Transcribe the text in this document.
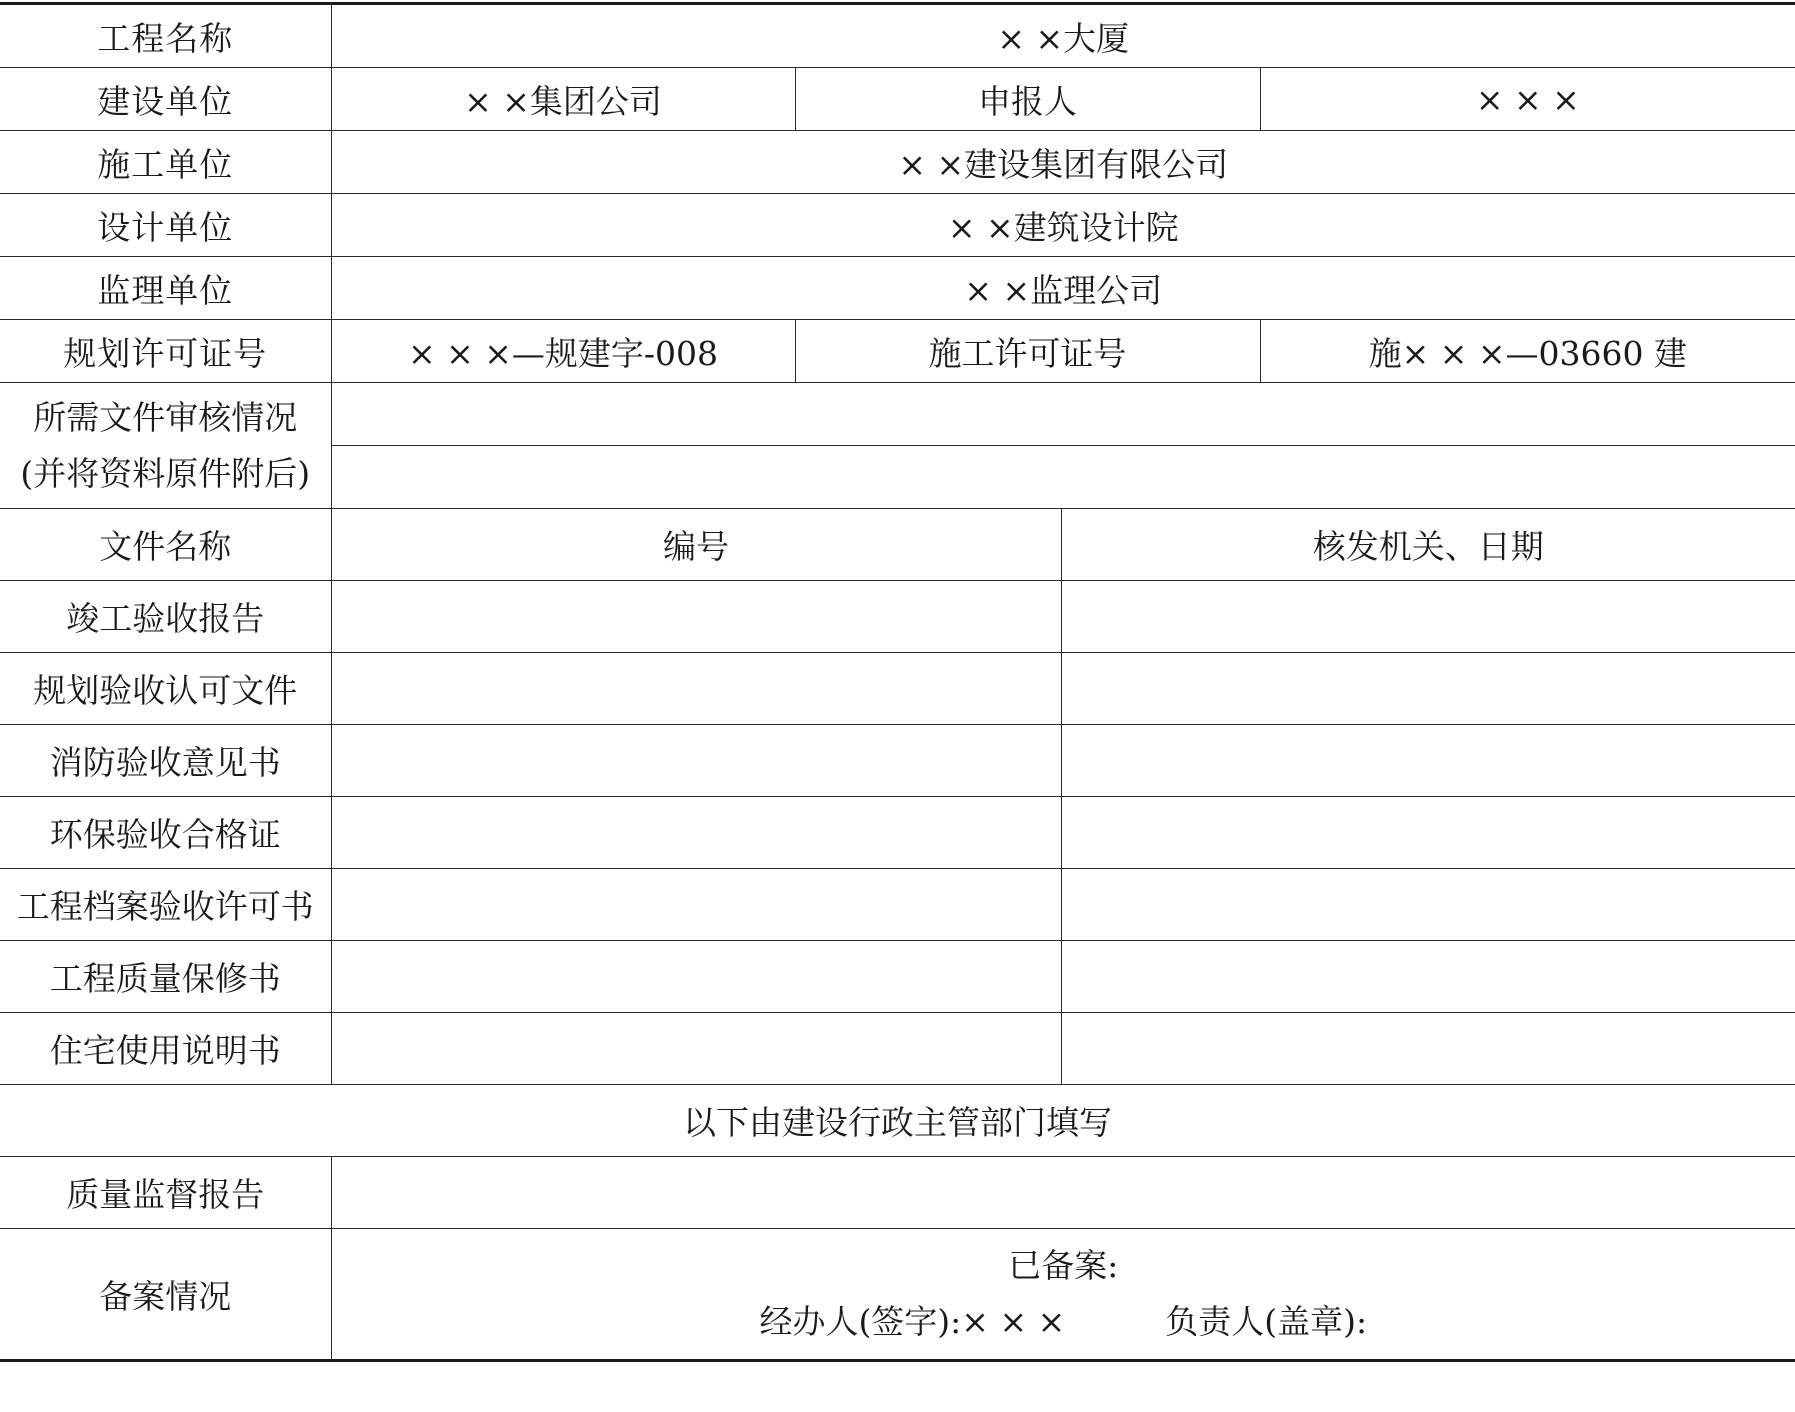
工程名称	× ×大厦			
建设单位	× ×集团公司	申报人		× × ×
施工单位	× ×建设集团有限公司			
设计单位	× ×建筑设计院			
监理单位	× ×监理公司			
规划许可证号	× × ×—规建字-008	施工许可证号		施× × ×—03660 建
所需文件审核情况
(并将资料原件附后)				

文件名称	编号		核发机关、日期	
竣工验收报告				
规划验收认可文件				
消防验收意见书				
环保验收合格证				
工程档案验收许可书				
工程质量保修书				
住宅使用说明书				
以下由建设行政主管部门填写				
质量监督报告				
备案情况	已备案:
经办人(签字):× × × 负责人(盖章):			
